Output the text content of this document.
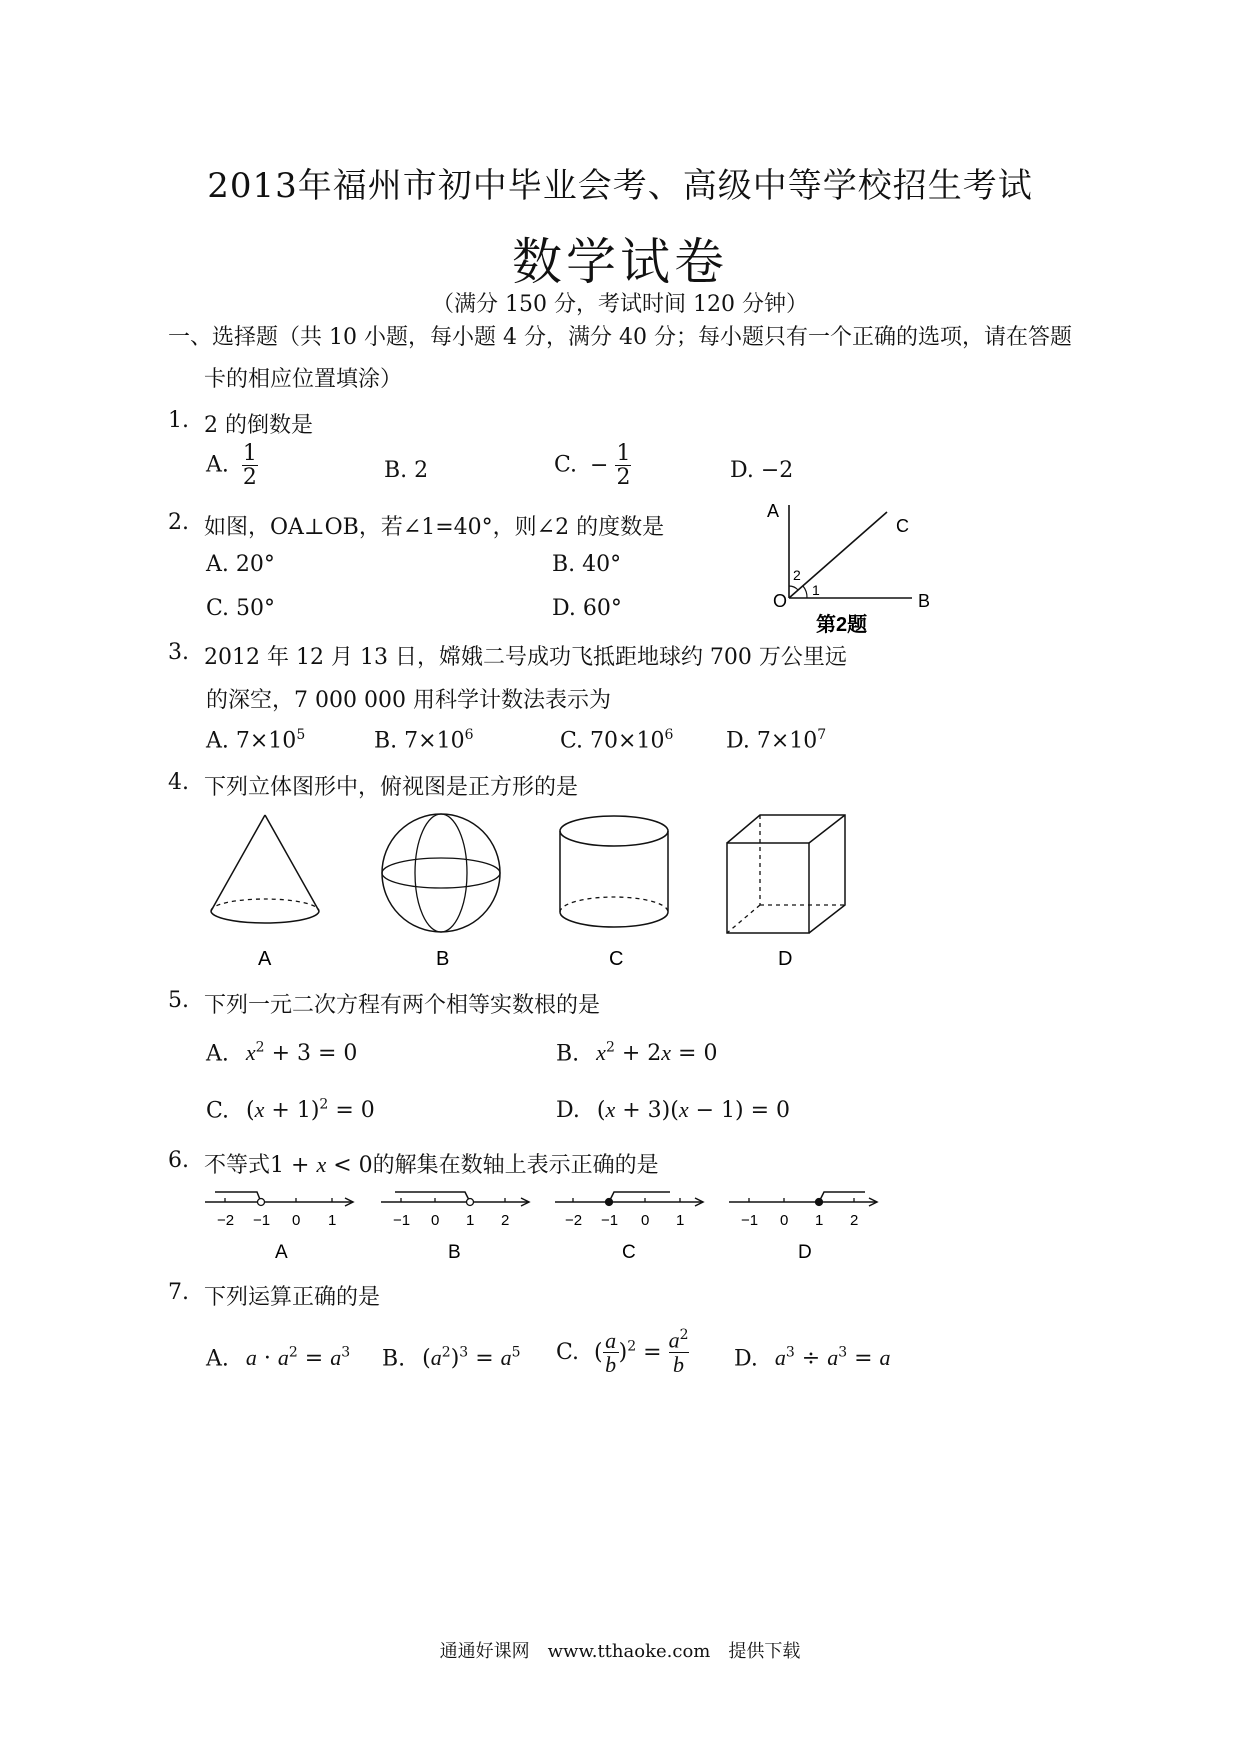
2013年福州市初中毕业会考、高级中等学校招生考试
数学试卷
（满分 150 分，考试时间 120 分钟）
一、选择题（共 10 小题，每小题 4 分，满分 40 分；每小题只有一个正确的选项，请在答题
卡的相应位置填涂）
1. 2 的倒数是
A. $\frac{1}{2}$	B. 2	C. − $\frac{1}{2}$	D. −2
2. 如图，OA⊥OB，若∠1=40°，则∠2 的度数是
A. 20°	B. 40°
C. 50°	D. 60°
A
C
O	B
2
1
第2题
3. 2012 年 12 月 13 日，嫦娥二号成功飞抵距地球约 700 万公里远
的深空，7 000 000 用科学计数法表示为
A. $7\times 10^5$	B. $7\times 10^6$	C. $70\times 10^6$ D. $7\times 10^7$
4. 下列立体图形中，俯视图是正方形的是
A	B	C	D
5. 下列一元二次方程有两个相等实数根的是
A. $x^2 + 3 = 0$	B. $x^2 + 2x = 0$
C. $(x + 1)^2 = 0$	D. (x + 3)(x − 1) = 0
6. 不等式1 + x < 0的解集在数轴上表示正确的是
−2 −1 0 1
A
−1 0 1 2
B
−2 −1 0 1
C
−1 0 1 2
D
7. 下列运算正确的是
A. $a \cdot a^2 = a^3$ B. $(a^2)^3 = a^5$ C. ( $\frac{a}{b} )^2 = \frac{a^2}{b} D$. $a^3 \div a^3 = a$
通通好课网　www.tthaoke.com　提供下载
